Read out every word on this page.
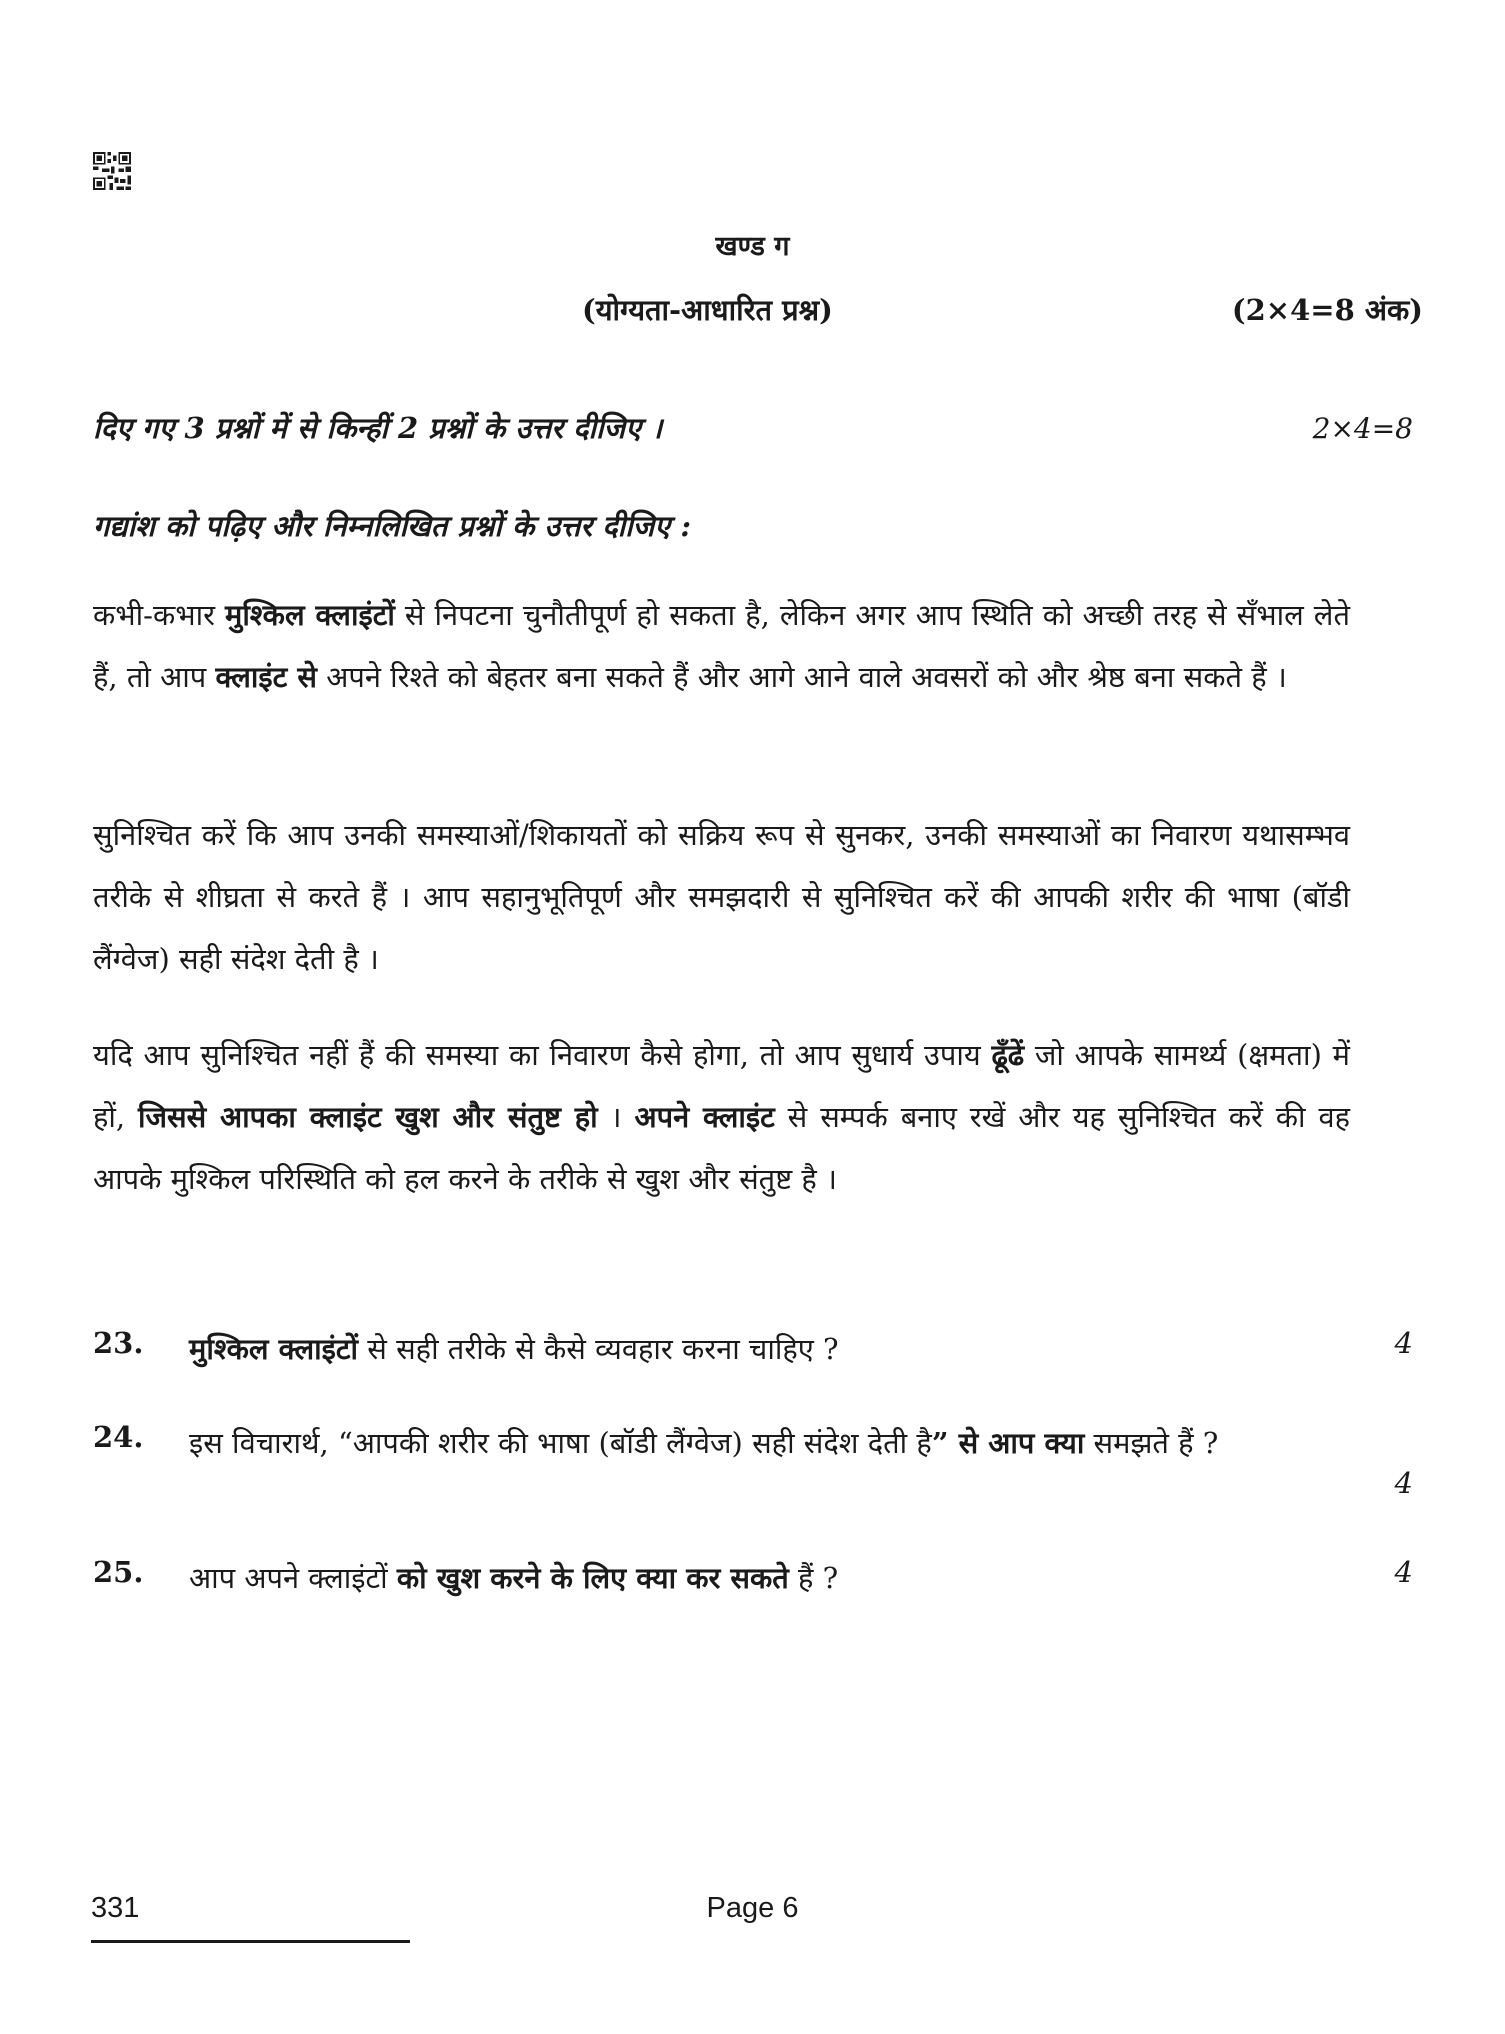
खण्ड ग
(योग्यता-आधारित प्रश्न)	(2×4=8 अंक)
दिए गए 3 प्रश्नों में से किन्हीं 2 प्रश्नों के उत्तर दीजिए ।	2×4=8
गद्यांश को पढ़िए और निम्नलिखित प्रश्नों के उत्तर दीजिए :

कभी-कभार मुश्किल क्लाइंटों से निपटना चुनौतीपूर्ण हो सकता है, लेकिन अगर आप स्थिति को अच्छी तरह से सँभाल लेते हैं, तो आप क्लाइंट से अपने रिश्ते को बेहतर बना सकते हैं और आगे आने वाले अवसरों को और श्रेष्ठ बना सकते हैं ।

सुनिश्चित करें कि आप उनकी समस्याओं/शिकायतों को सक्रिय रूप से सुनकर, उनकी समस्याओं का निवारण यथासम्भव तरीके से शीघ्रता से करते हैं । आप सहानुभूतिपूर्ण और समझदारी से सुनिश्चित करें की आपकी शरीर की भाषा (बॉडी लैंग्वेज) सही संदेश देती है ।

यदि आप सुनिश्चित नहीं हैं की समस्या का निवारण कैसे होगा, तो आप सुधार्य उपाय ढूँढें जो आपके सामर्थ्य (क्षमता) में हों, जिससे आपका क्लाइंट खुश और संतुष्ट हो । अपने क्लाइंट से सम्पर्क बनाए रखें और यह सुनिश्चित करें की वह आपके मुश्किल परिस्थिति को हल करने के तरीके से खुश और संतुष्ट है ।

23. मुश्किल क्लाइंटों से सही तरीके से कैसे व्यवहार करना चाहिए ?	4
24. इस विचारार्थ, “आपकी शरीर की भाषा (बॉडी लैंग्वेज) सही संदेश देती है” से आप क्या समझते हैं ?
4
25. आप अपने क्लाइंटों को खुश करने के लिए क्या कर सकते हैं ?	4
331	Page 6
